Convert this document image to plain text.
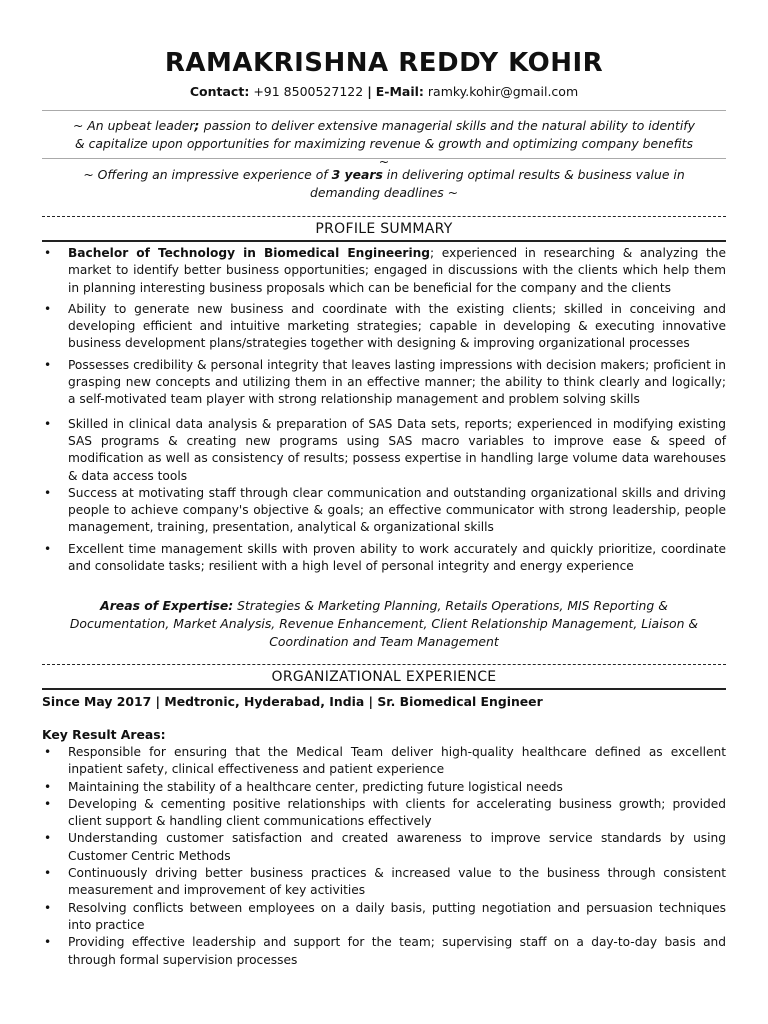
RAMAKRISHNA REDDY KOHIR
Contact: +91 8500527122 | E-Mail: ramky.kohir@gmail.com
~ An upbeat leader; passion to deliver extensive managerial skills and the natural ability to identify & capitalize upon opportunities for maximizing revenue & growth and optimizing company benefits ~
~ Offering an impressive experience of 3 years in delivering optimal results & business value in demanding deadlines ~
PROFILE SUMMARY
• Bachelor of Technology in Biomedical Engineering; experienced in researching & analyzing the market to identify better business opportunities; engaged in discussions with the clients which help them in planning interesting business proposals which can be beneficial for the company and the clients
• Ability to generate new business and coordinate with the existing clients; skilled in conceiving and developing efficient and intuitive marketing strategies; capable in developing & executing innovative business development plans/strategies together with designing & improving organizational processes
• Possesses credibility & personal integrity that leaves lasting impressions with decision makers; proficient in grasping new concepts and utilizing them in an effective manner; the ability to think clearly and logically; a self-motivated team player with strong relationship management and problem solving skills
• Skilled in clinical data analysis & preparation of SAS Data sets, reports; experienced in modifying existing SAS programs & creating new programs using SAS macro variables to improve ease & speed of modification as well as consistency of results; possess expertise in handling large volume data warehouses & data access tools
• Success at motivating staff through clear communication and outstanding organizational skills and driving people to achieve company's objective & goals; an effective communicator with strong leadership, people management, training, presentation, analytical & organizational skills
• Excellent time management skills with proven ability to work accurately and quickly prioritize, coordinate and consolidate tasks; resilient with a high level of personal integrity and energy experience
Areas of Expertise: Strategies & Marketing Planning, Retails Operations, MIS Reporting & Documentation, Market Analysis, Revenue Enhancement, Client Relationship Management, Liaison & Coordination and Team Management
ORGANIZATIONAL EXPERIENCE
Since May 2017 | Medtronic, Hyderabad, India | Sr. Biomedical Engineer
Key Result Areas:
• Responsible for ensuring that the Medical Team deliver high-quality healthcare defined as excellent inpatient safety, clinical effectiveness and patient experience
• Maintaining the stability of a healthcare center, predicting future logistical needs
• Developing & cementing positive relationships with clients for accelerating business growth; provided client support & handling client communications effectively
• Understanding customer satisfaction and created awareness to improve service standards by using Customer Centric Methods
• Continuously driving better business practices & increased value to the business through consistent measurement and improvement of key activities
• Resolving conflicts between employees on a daily basis, putting negotiation and persuasion techniques into practice
• Providing effective leadership and support for the team; supervising staff on a day-to-day basis and through formal supervision processes
